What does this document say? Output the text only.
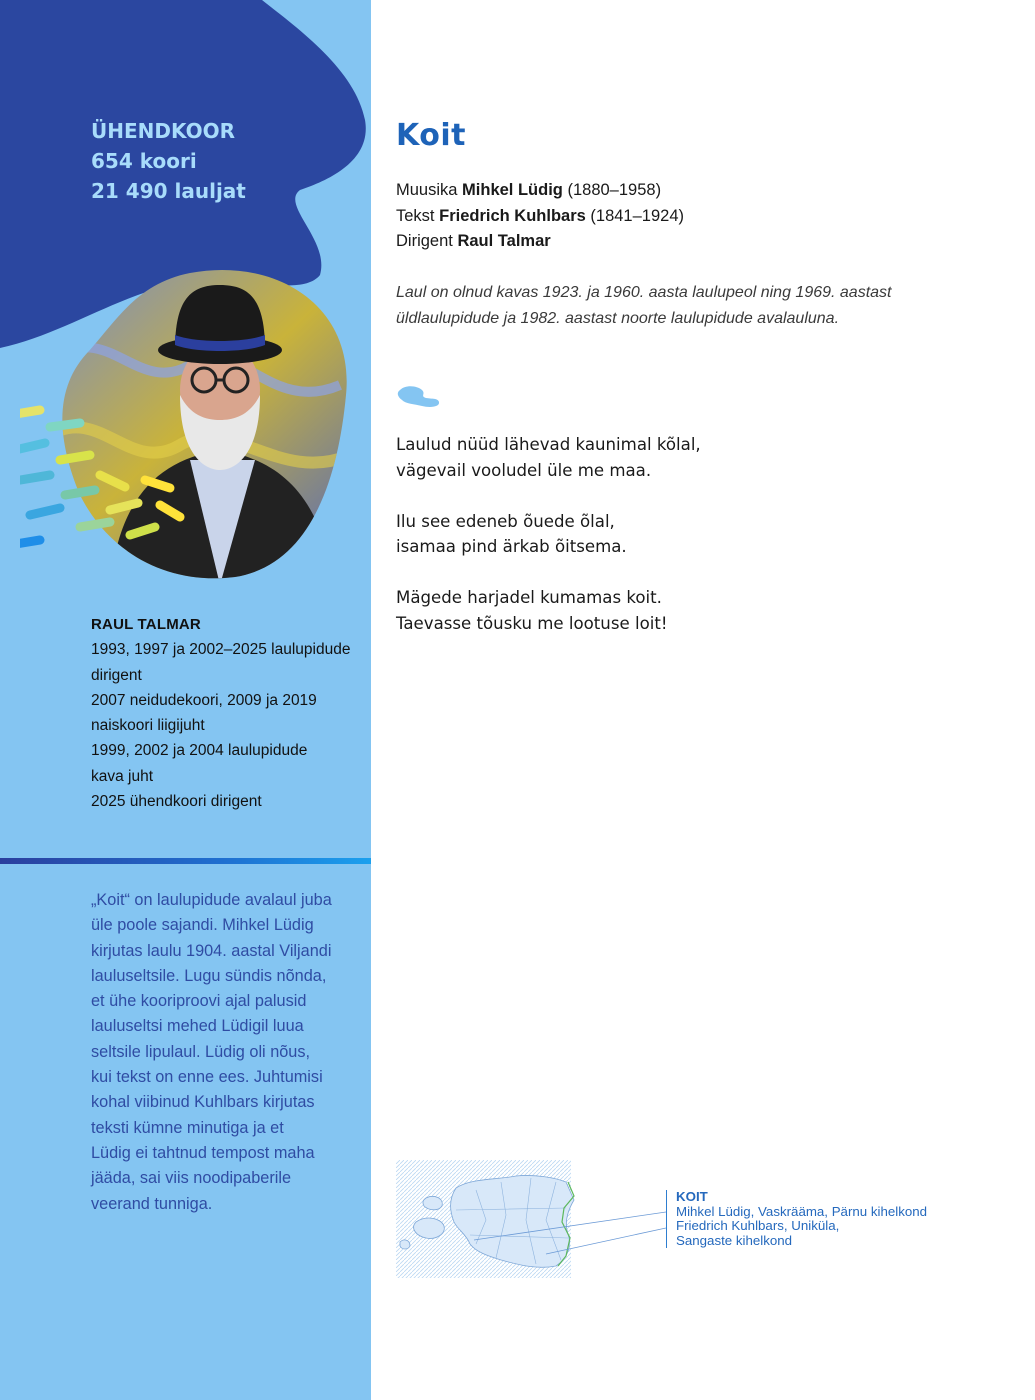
ÜHENDKOOR
654 koori
21 490 lauljat
RAUL TALMAR
1993, 1997 ja 2002–2025 laulupidude
dirigent
2007 neidudekoori, 2009 ja 2019
naiskoori liigijuht
1999, 2002 ja 2004 laulupidude
kava juht
2025 ühendkoori dirigent
„Koit“ on laulupidude avalaul juba
üle poole sajandi. Mihkel Lüdig
kirjutas laulu 1904. aastal Viljandi
lauluseltsile. Lugu sündis nõnda,
et ühe kooriproovi ajal palusid
lauluseltsi mehed Lüdigil luua
seltsile lipulaul. Lüdig oli nõus,
kui tekst on enne ees. Juhtumisi
kohal viibinud Kuhlbars kirjutas
teksti kümne minutiga ja et
Lüdig ei tahtnud tempost maha
jääda, sai viis noodipaberile
veerand tunniga.
Koit
Muusika Mihkel Lüdig (1880–1958)
Tekst Friedrich Kuhlbars (1841–1924)
Dirigent Raul Talmar
Laul on olnud kavas 1923. ja 1960. aasta laulupeol ning 1969. aastast
üldlaulupidude ja 1982. aastast noorte laulupidude avalauluna.
Laulud nüüd lähevad kaunimal kõlal,
vägevail vooludel üle me maa.
Ilu see edeneb õuede õlal,
isamaa pind ärkab õitsema.
Mägede harjadel kumamas koit.
Taevasse tõusku me lootuse loit!
KOIT
Mihkel Lüdig, Vaskrääma, Pärnu kihelkond
Friedrich Kuhlbars, Uniküla,
Sangaste kihelkond
